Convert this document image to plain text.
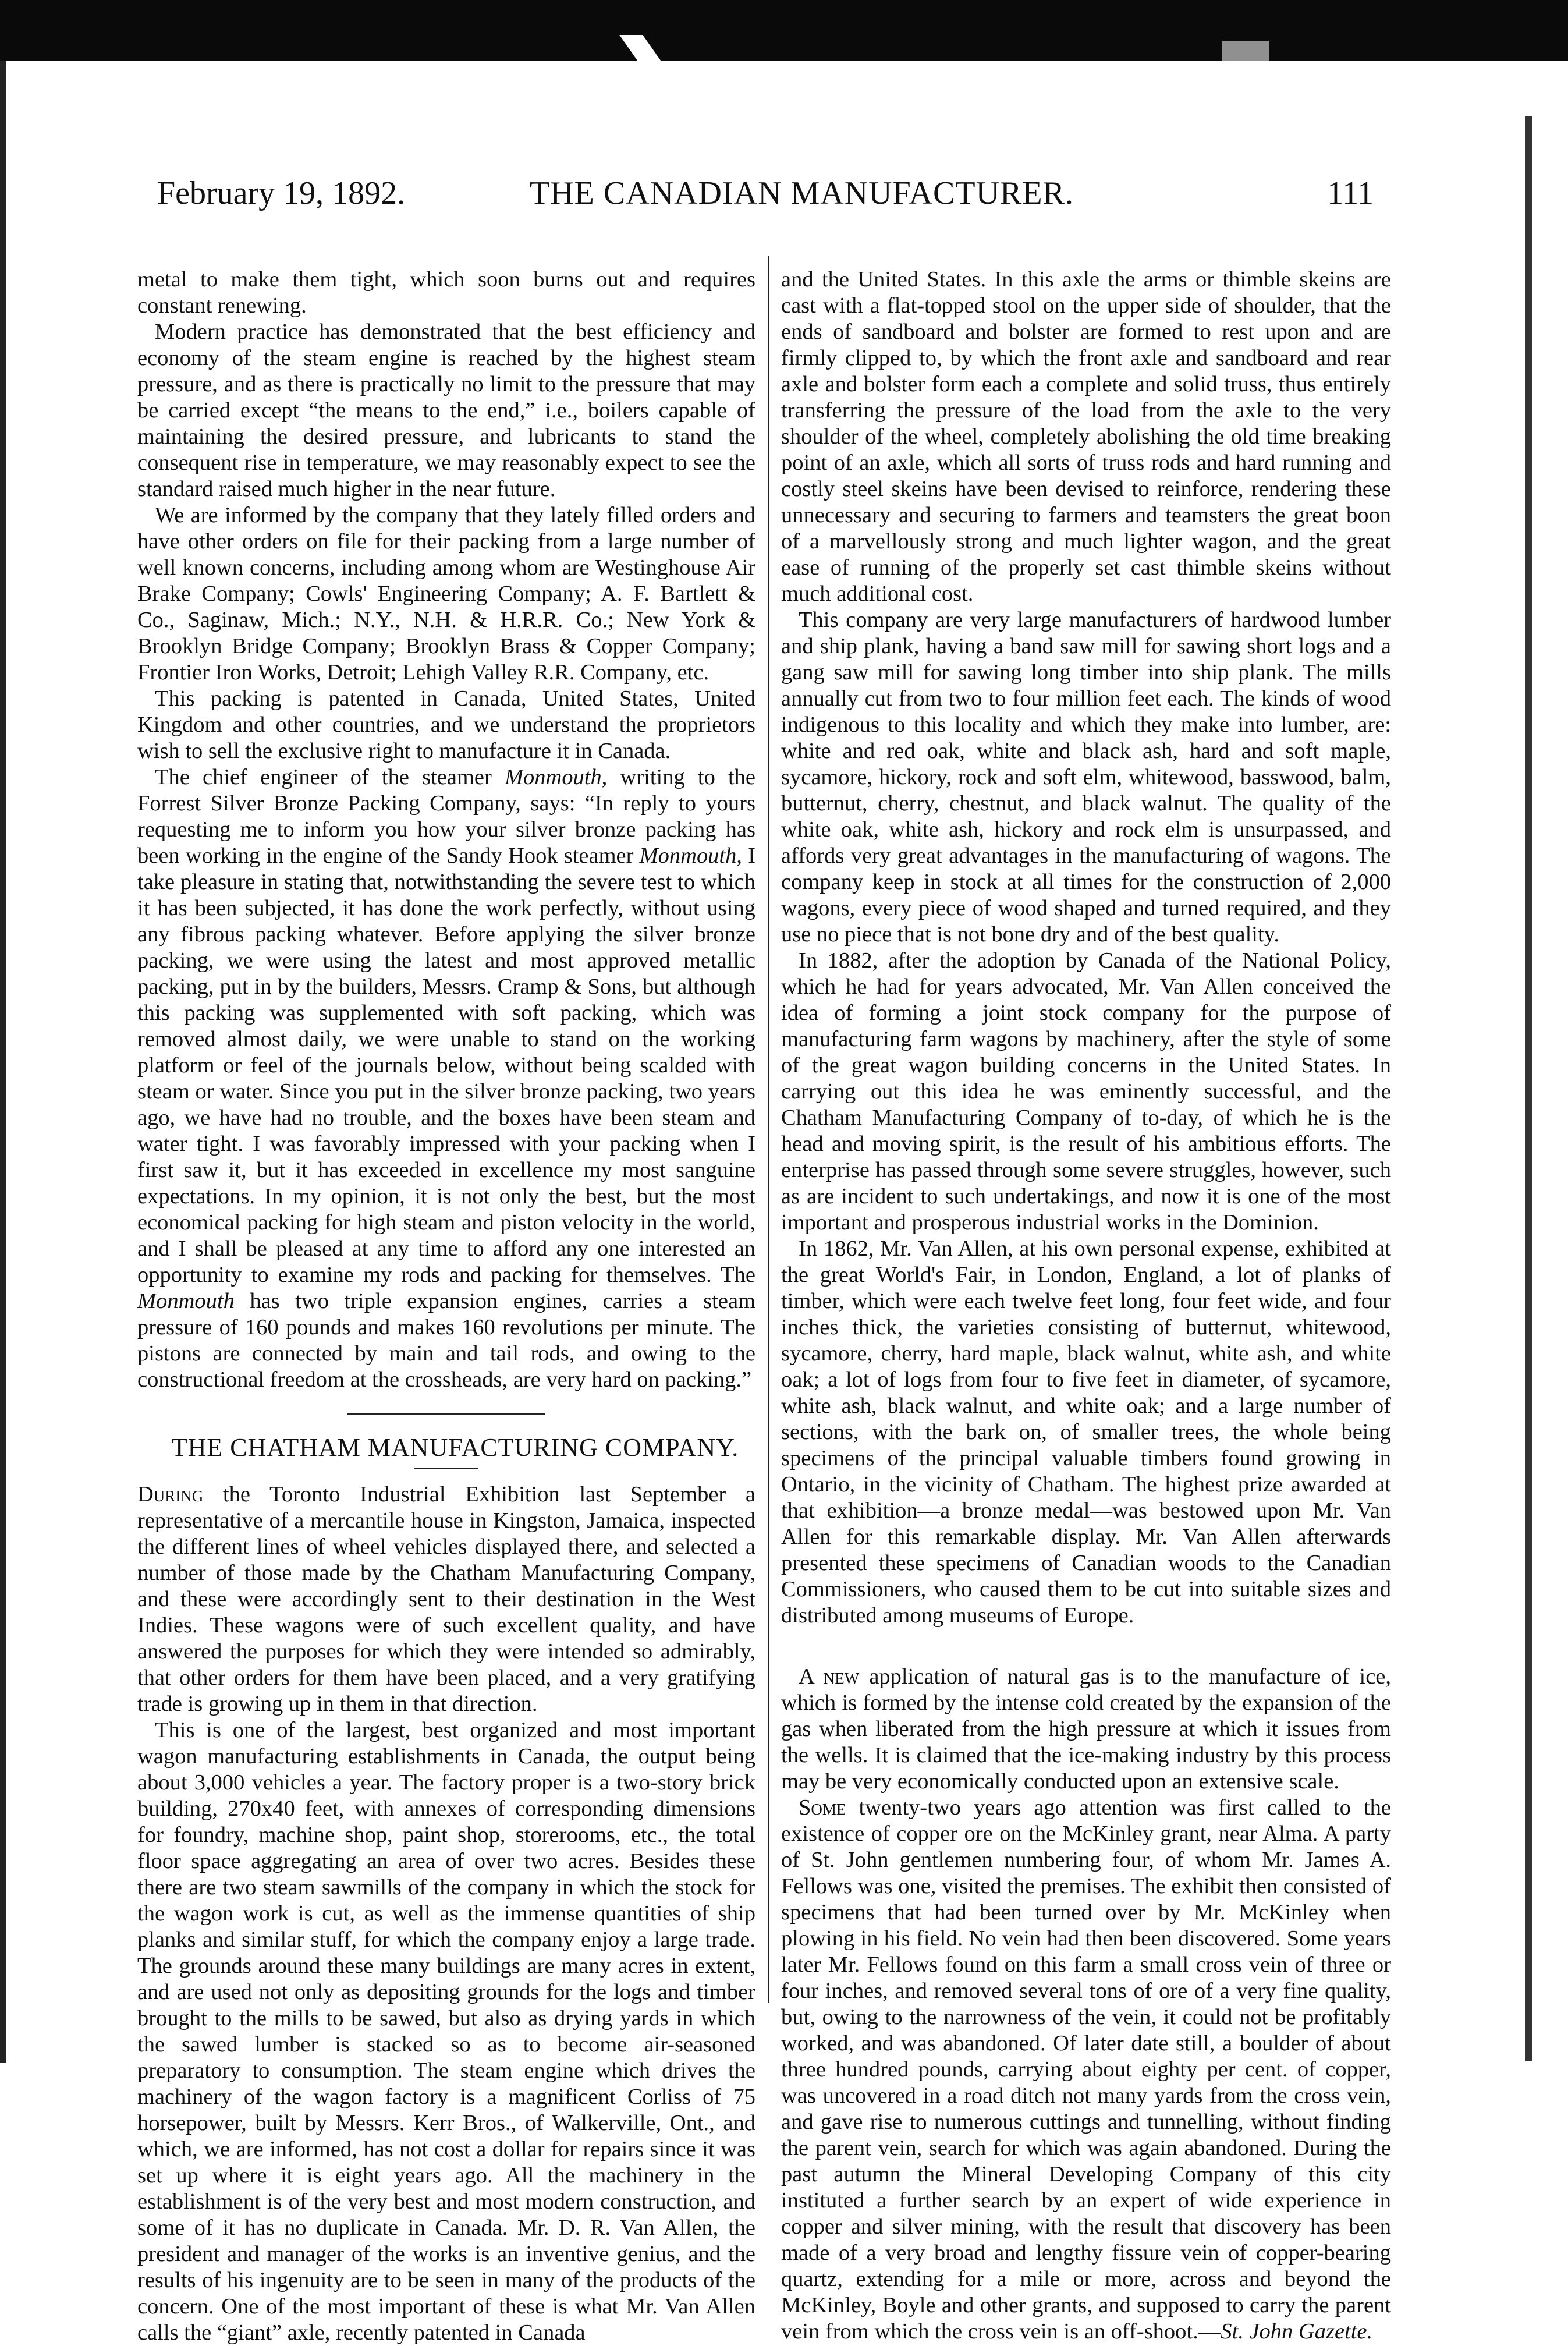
February 19, 1892.	THE CANADIAN MANUFACTURER.	111

metal to make them tight, which soon burns out and requires constant renewing.

Modern practice has demonstrated that the best efficiency and economy of the steam engine is reached by the highest steam pressure, and as there is practically no limit to the pressure that may be carried except “the means to the end,” i.e., boilers capable of maintaining the desired pressure, and lubricants to stand the consequent rise in temperature, we may reasonably expect to see the standard raised much higher in the near future.

We are informed by the company that they lately filled orders and have other orders on file for their packing from a large number of well known concerns, including among whom are Westinghouse Air Brake Company; Cowls' Engineering Company; A. F. Bartlett & Co., Saginaw, Mich.; N.Y., N.H. & H.R.R. Co.; New York & Brooklyn Bridge Company; Brooklyn Brass & Copper Company; Frontier Iron Works, Detroit; Lehigh Valley R.R. Company, etc.

This packing is patented in Canada, United States, United Kingdom and other countries, and we understand the proprietors wish to sell the exclusive right to manufacture it in Canada.

The chief engineer of the steamer Monmouth, writing to the Forrest Silver Bronze Packing Company, says: “In reply to yours requesting me to inform you how your silver bronze packing has been working in the engine of the Sandy Hook steamer Monmouth, I take pleasure in stating that, notwithstanding the severe test to which it has been subjected, it has done the work perfectly, without using any fibrous packing whatever. Before applying the silver bronze packing, we were using the latest and most approved metallic packing, put in by the builders, Messrs. Cramp & Sons, but although this packing was supplemented with soft packing, which was removed almost daily, we were unable to stand on the working platform or feel of the journals below, without being scalded with steam or water. Since you put in the silver bronze packing, two years ago, we have had no trouble, and the boxes have been steam and water tight. I was favorably impressed with your packing when I first saw it, but it has exceeded in excellence my most sanguine expectations. In my opinion, it is not only the best, but the most economical packing for high steam and piston velocity in the world, and I shall be pleased at any time to afford any one interested an opportunity to examine my rods and packing for themselves. The Monmouth has two triple expansion engines, carries a steam pressure of 160 pounds and makes 160 revolutions per minute. The pistons are connected by main and tail rods, and owing to the constructional freedom at the crossheads, are very hard on packing.”

THE CHATHAM MANUFACTURING COMPANY.

During the Toronto Industrial Exhibition last September a representative of a mercantile house in Kingston, Jamaica, inspected the different lines of wheel vehicles displayed there, and selected a number of those made by the Chatham Manufacturing Company, and these were accordingly sent to their destination in the West Indies. These wagons were of such excellent quality, and have answered the purposes for which they were intended so admirably, that other orders for them have been placed, and a very gratifying trade is growing up in them in that direction.

This is one of the largest, best organized and most important wagon manufacturing establishments in Canada, the output being about 3,000 vehicles a year. The factory proper is a two-story brick building, 270x40 feet, with annexes of corresponding dimensions for foundry, machine shop, paint shop, storerooms, etc., the total floor space aggregating an area of over two acres. Besides these there are two steam sawmills of the company in which the stock for the wagon work is cut, as well as the immense quantities of ship planks and similar stuff, for which the company enjoy a large trade. The grounds around these many buildings are many acres in extent, and are used not only as depositing grounds for the logs and timber brought to the mills to be sawed, but also as drying yards in which the sawed lumber is stacked so as to become air-seasoned preparatory to consumption. The steam engine which drives the machinery of the wagon factory is a magnificent Corliss of 75 horsepower, built by Messrs. Kerr Bros., of Walkerville, Ont., and which, we are informed, has not cost a dollar for repairs since it was set up where it is eight years ago. All the machinery in the establishment is of the very best and most modern construction, and some of it has no duplicate in Canada. Mr. D. R. Van Allen, the president and manager of the works is an inventive genius, and the results of his ingenuity are to be seen in many of the products of the concern. One of the most important of these is what Mr. Van Allen calls the “giant” axle, recently patented in Canada

and the United States. In this axle the arms or thimble skeins are cast with a flat-topped stool on the upper side of shoulder, that the ends of sandboard and bolster are formed to rest upon and are firmly clipped to, by which the front axle and sandboard and rear axle and bolster form each a complete and solid truss, thus entirely transferring the pressure of the load from the axle to the very shoulder of the wheel, completely abolishing the old time breaking point of an axle, which all sorts of truss rods and hard running and costly steel skeins have been devised to reinforce, rendering these unnecessary and securing to farmers and teamsters the great boon of a marvellously strong and much lighter wagon, and the great ease of running of the properly set cast thimble skeins without much additional cost.

This company are very large manufacturers of hardwood lumber and ship plank, having a band saw mill for sawing short logs and a gang saw mill for sawing long timber into ship plank. The mills annually cut from two to four million feet each. The kinds of wood indigenous to this locality and which they make into lumber, are: white and red oak, white and black ash, hard and soft maple, sycamore, hickory, rock and soft elm, whitewood, basswood, balm, butternut, cherry, chestnut, and black walnut. The quality of the white oak, white ash, hickory and rock elm is unsurpassed, and affords very great advantages in the manufacturing of wagons. The company keep in stock at all times for the construction of 2,000 wagons, every piece of wood shaped and turned required, and they use no piece that is not bone dry and of the best quality.

In 1882, after the adoption by Canada of the National Policy, which he had for years advocated, Mr. Van Allen conceived the idea of forming a joint stock company for the purpose of manufacturing farm wagons by machinery, after the style of some of the great wagon building concerns in the United States. In carrying out this idea he was eminently successful, and the Chatham Manufacturing Company of to-day, of which he is the head and moving spirit, is the result of his ambitious efforts. The enterprise has passed through some severe struggles, however, such as are incident to such undertakings, and now it is one of the most important and prosperous industrial works in the Dominion.

In 1862, Mr. Van Allen, at his own personal expense, exhibited at the great World's Fair, in London, England, a lot of planks of timber, which were each twelve feet long, four feet wide, and four inches thick, the varieties consisting of butternut, whitewood, sycamore, cherry, hard maple, black walnut, white ash, and white oak; a lot of logs from four to five feet in diameter, of sycamore, white ash, black walnut, and white oak; and a large number of sections, with the bark on, of smaller trees, the whole being specimens of the principal valuable timbers found growing in Ontario, in the vicinity of Chatham. The highest prize awarded at that exhibition—a bronze medal—was bestowed upon Mr. Van Allen for this remarkable display. Mr. Van Allen afterwards presented these specimens of Canadian woods to the Canadian Commissioners, who caused them to be cut into suitable sizes and distributed among museums of Europe.

A new application of natural gas is to the manufacture of ice, which is formed by the intense cold created by the expansion of the gas when liberated from the high pressure at which it issues from the wells. It is claimed that the ice-making industry by this process may be very economically conducted upon an extensive scale.

Some twenty-two years ago attention was first called to the existence of copper ore on the McKinley grant, near Alma. A party of St. John gentlemen numbering four, of whom Mr. James A. Fellows was one, visited the premises. The exhibit then consisted of specimens that had been turned over by Mr. McKinley when plowing in his field. No vein had then been discovered. Some years later Mr. Fellows found on this farm a small cross vein of three or four inches, and removed several tons of ore of a very fine quality, but, owing to the narrowness of the vein, it could not be profitably worked, and was abandoned. Of later date still, a boulder of about three hundred pounds, carrying about eighty per cent. of copper, was uncovered in a road ditch not many yards from the cross vein, and gave rise to numerous cuttings and tunnelling, without finding the parent vein, search for which was again abandoned. During the past autumn the Mineral Developing Company of this city instituted a further search by an expert of wide experience in copper and silver mining, with the result that discovery has been made of a very broad and lengthy fissure vein of copper-bearing quartz, extending for a mile or more, across and beyond the McKinley, Boyle and other grants, and supposed to carry the parent vein from which the cross vein is an off-shoot.—St. John Gazette.
